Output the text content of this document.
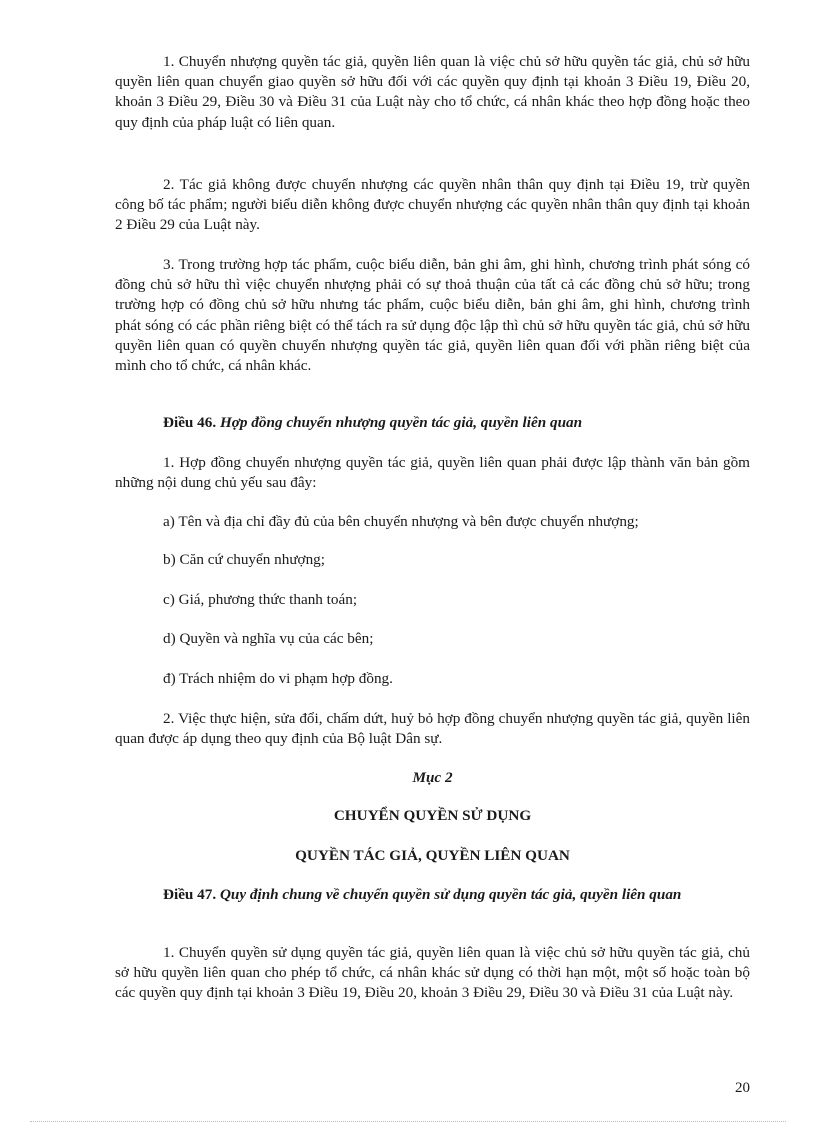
1. Chuyển nhượng quyền tác giả, quyền liên quan là việc chủ sở hữu quyền tác giả, chủ sở hữu quyền liên quan chuyển giao quyền sở hữu đối với các quyền quy định tại khoản 3 Điều 19, Điều 20, khoản 3 Điều 29, Điều 30 và Điều 31 của Luật này cho tổ chức, cá nhân khác theo hợp đồng hoặc theo quy định của pháp luật có liên quan.

2. Tác giả không được chuyển nhượng các quyền nhân thân quy định tại Điều 19, trừ quyền công bố tác phẩm; người biểu diễn không được chuyển nhượng các quyền nhân thân quy định tại khoản 2 Điều 29 của Luật này.

3. Trong trường hợp tác phẩm, cuộc biểu diễn, bản ghi âm, ghi hình, chương trình phát sóng có đồng chủ sở hữu thì việc chuyển nhượng phải có sự thoả thuận của tất cả các đồng chủ sở hữu; trong trường hợp có đồng chủ sở hữu nhưng tác phẩm, cuộc biểu diễn, bản ghi âm, ghi hình, chương trình phát sóng có các phần riêng biệt có thể tách ra sử dụng độc lập thì chủ sở hữu quyền tác giả, chủ sở hữu quyền liên quan có quyền chuyển nhượng quyền tác giả, quyền liên quan đối với phần riêng biệt của mình cho tổ chức, cá nhân khác.

Điều 46. Hợp đồng chuyển nhượng quyền tác giả, quyền liên quan

1. Hợp đồng chuyển nhượng quyền tác giả, quyền liên quan phải được lập thành văn bản gồm những nội dung chủ yếu sau đây:

a) Tên và địa chỉ đầy đủ của bên chuyển nhượng và bên được chuyển nhượng;

b) Căn cứ chuyển nhượng;

c) Giá, phương thức thanh toán;

d) Quyền và nghĩa vụ của các bên;

đ) Trách nhiệm do vi phạm hợp đồng.

2. Việc thực hiện, sửa đổi, chấm dứt, huỷ bỏ hợp đồng chuyển nhượng quyền tác giả, quyền liên quan được áp dụng theo quy định của Bộ luật Dân sự.

Mục 2

CHUYỂN QUYỀN SỬ DỤNG

QUYỀN TÁC GIẢ, QUYỀN LIÊN QUAN

Điều 47. Quy định chung về chuyển quyền sử dụng quyền tác giả, quyền liên quan

1. Chuyển quyền sử dụng quyền tác giả, quyền liên quan là việc chủ sở hữu quyền tác giả, chủ sở hữu quyền liên quan cho phép tổ chức, cá nhân khác sử dụng có thời hạn một, một số hoặc toàn bộ các quyền quy định tại khoản 3 Điều 19, Điều 20, khoản 3 Điều 29, Điều 30 và Điều 31 của Luật này.

20
